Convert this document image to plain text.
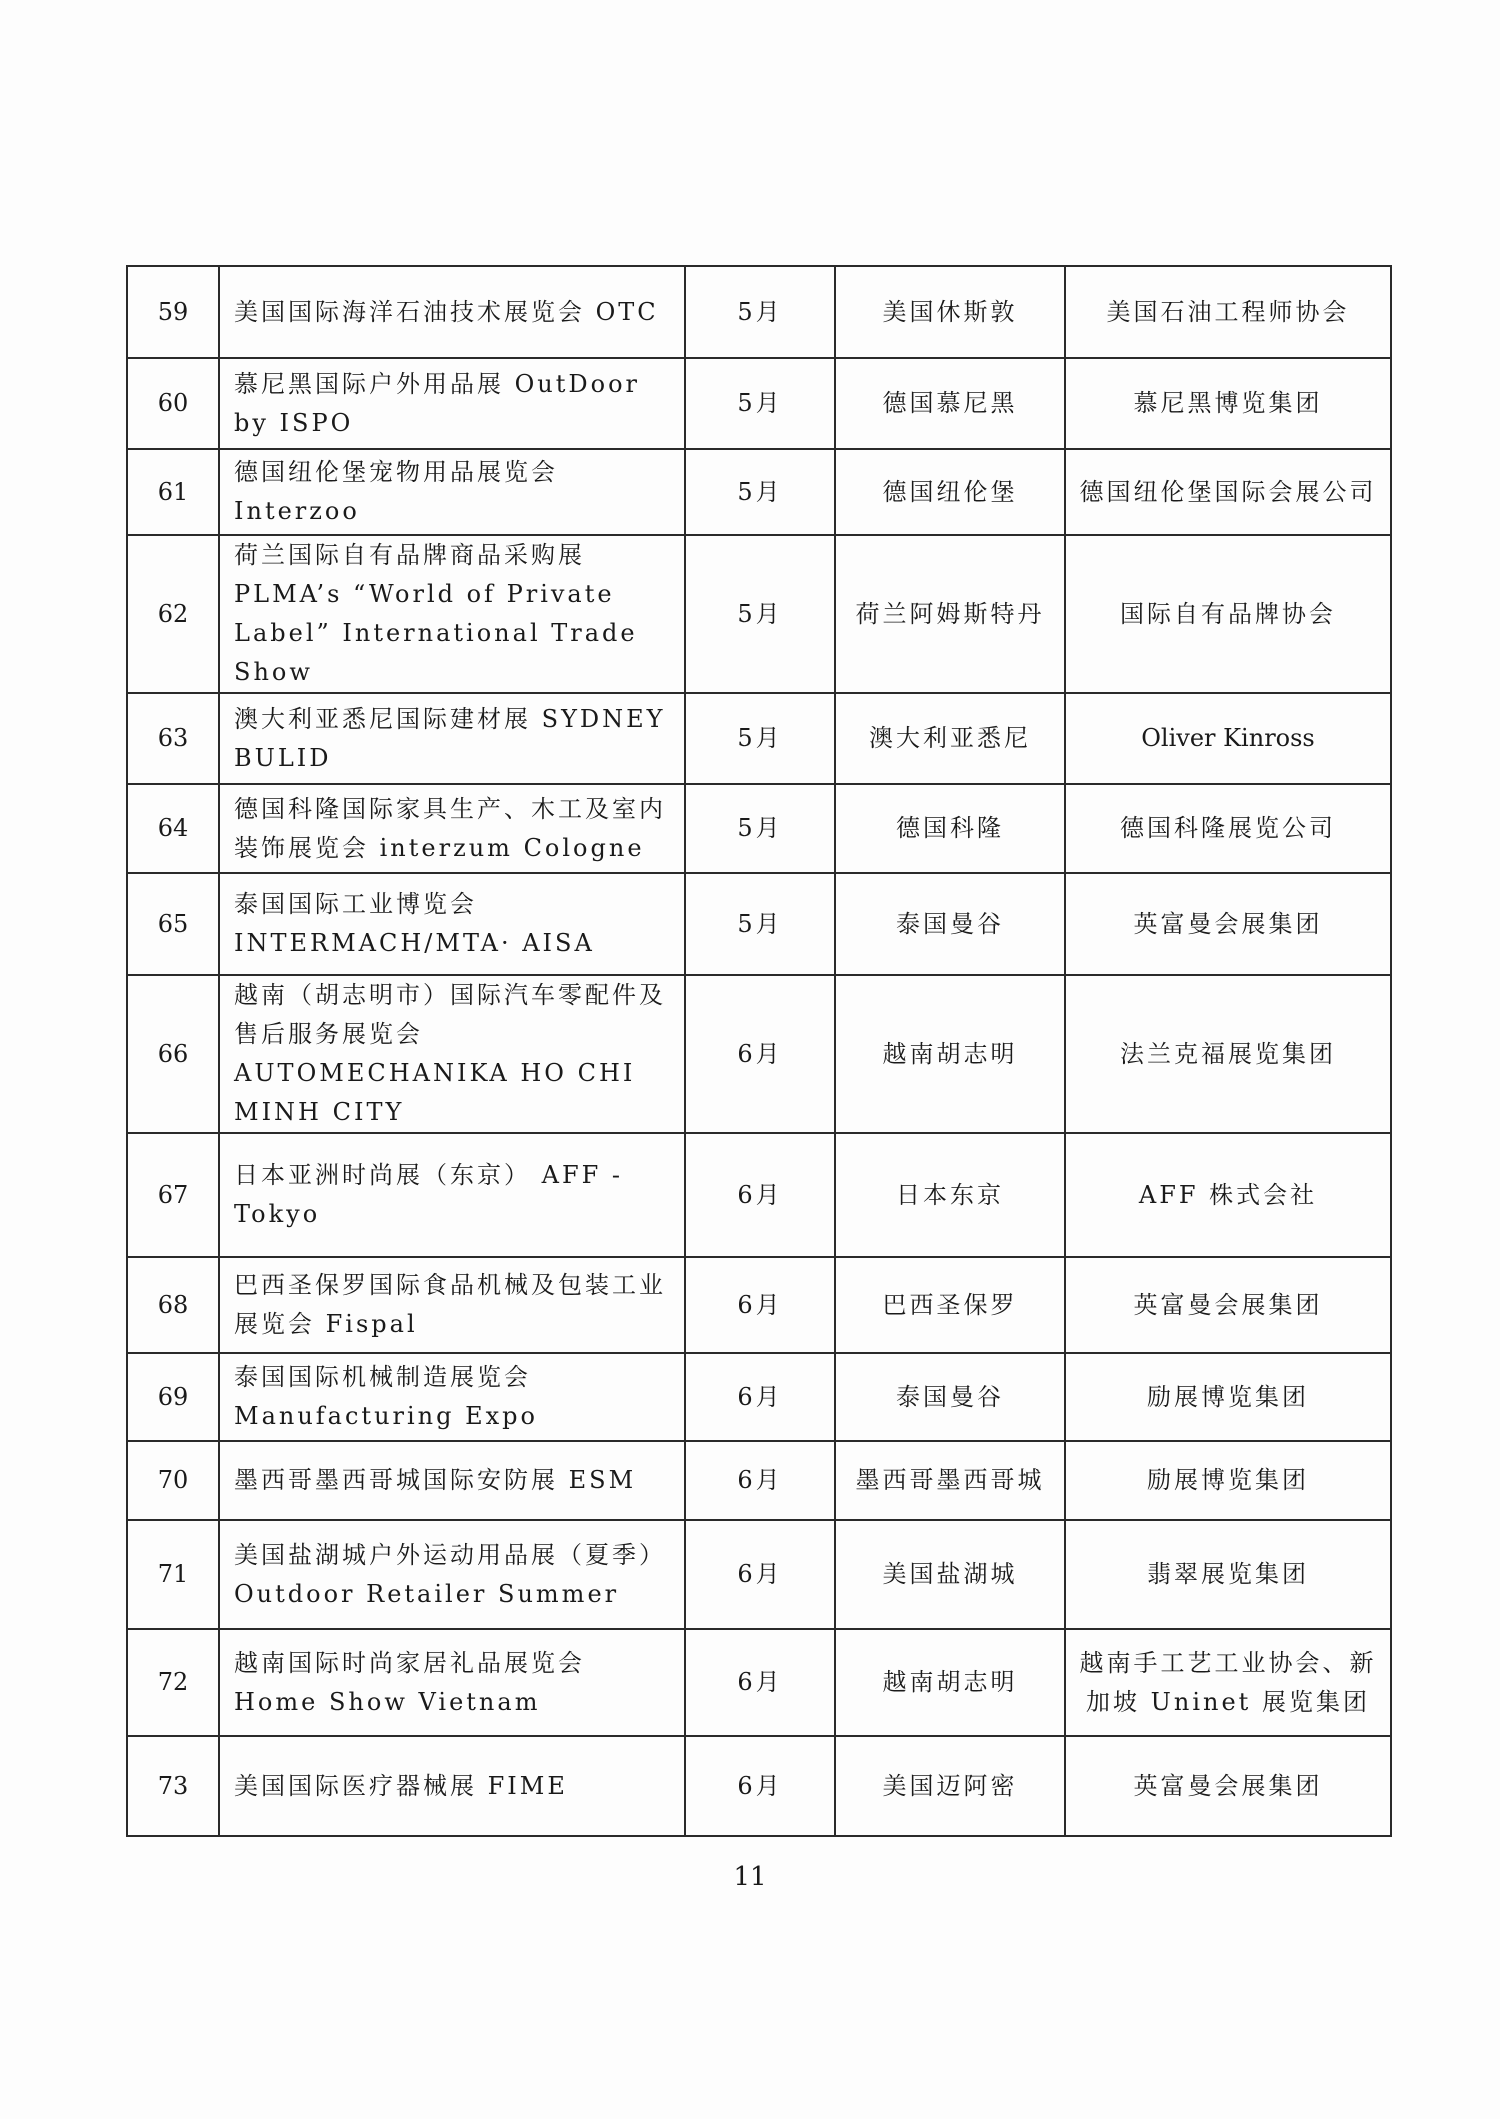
59	美国国际海洋石油技术展览会 OTC	5月	美国休斯敦	美国石油工程师协会
60	慕尼黑国际户外用品展 OutDoor by ISPO	5月	德国慕尼黑	慕尼黑博览集团
61	德国纽伦堡宠物用品展览会 Interzoo	5月	德国纽伦堡	德国纽伦堡国际会展公司
62	荷兰国际自有品牌商品采购展 PLMA’s “World of Private Label” International Trade Show	5月	荷兰阿姆斯特丹	国际自有品牌协会
63	澳大利亚悉尼国际建材展 SYDNEY BULID	5月	澳大利亚悉尼	Oliver Kinross
64	德国科隆国际家具生产、木工及室内装饰展览会 interzum Cologne	5月	德国科隆	德国科隆展览公司
65	泰国国际工业博览会 INTERMACH/MTA· AISA	5月	泰国曼谷	英富曼会展集团
66	越南（胡志明市）国际汽车零配件及售后服务展览会 AUTOMECHANIKA HO CHI MINH CITY	6月	越南胡志明	法兰克福展览集团
67	日本亚洲时尚展（东京） AFF - Tokyo	6月	日本东京	AFF 株式会社
68	巴西圣保罗国际食品机械及包装工业展览会 Fispal	6月	巴西圣保罗	英富曼会展集团
69	泰国国际机械制造展览会 Manufacturing Expo	6月	泰国曼谷	励展博览集团
70	墨西哥墨西哥城国际安防展 ESM	6月	墨西哥墨西哥城	励展博览集团
71	美国盐湖城户外运动用品展（夏季） Outdoor Retailer Summer	6月	美国盐湖城	翡翠展览集团
72	越南国际时尚家居礼品展览会 Home Show Vietnam	6月	越南胡志明	越南手工艺工业协会、新加坡 Uninet 展览集团
73	美国国际医疗器械展 FIME	6月	美国迈阿密	英富曼会展集团
11
